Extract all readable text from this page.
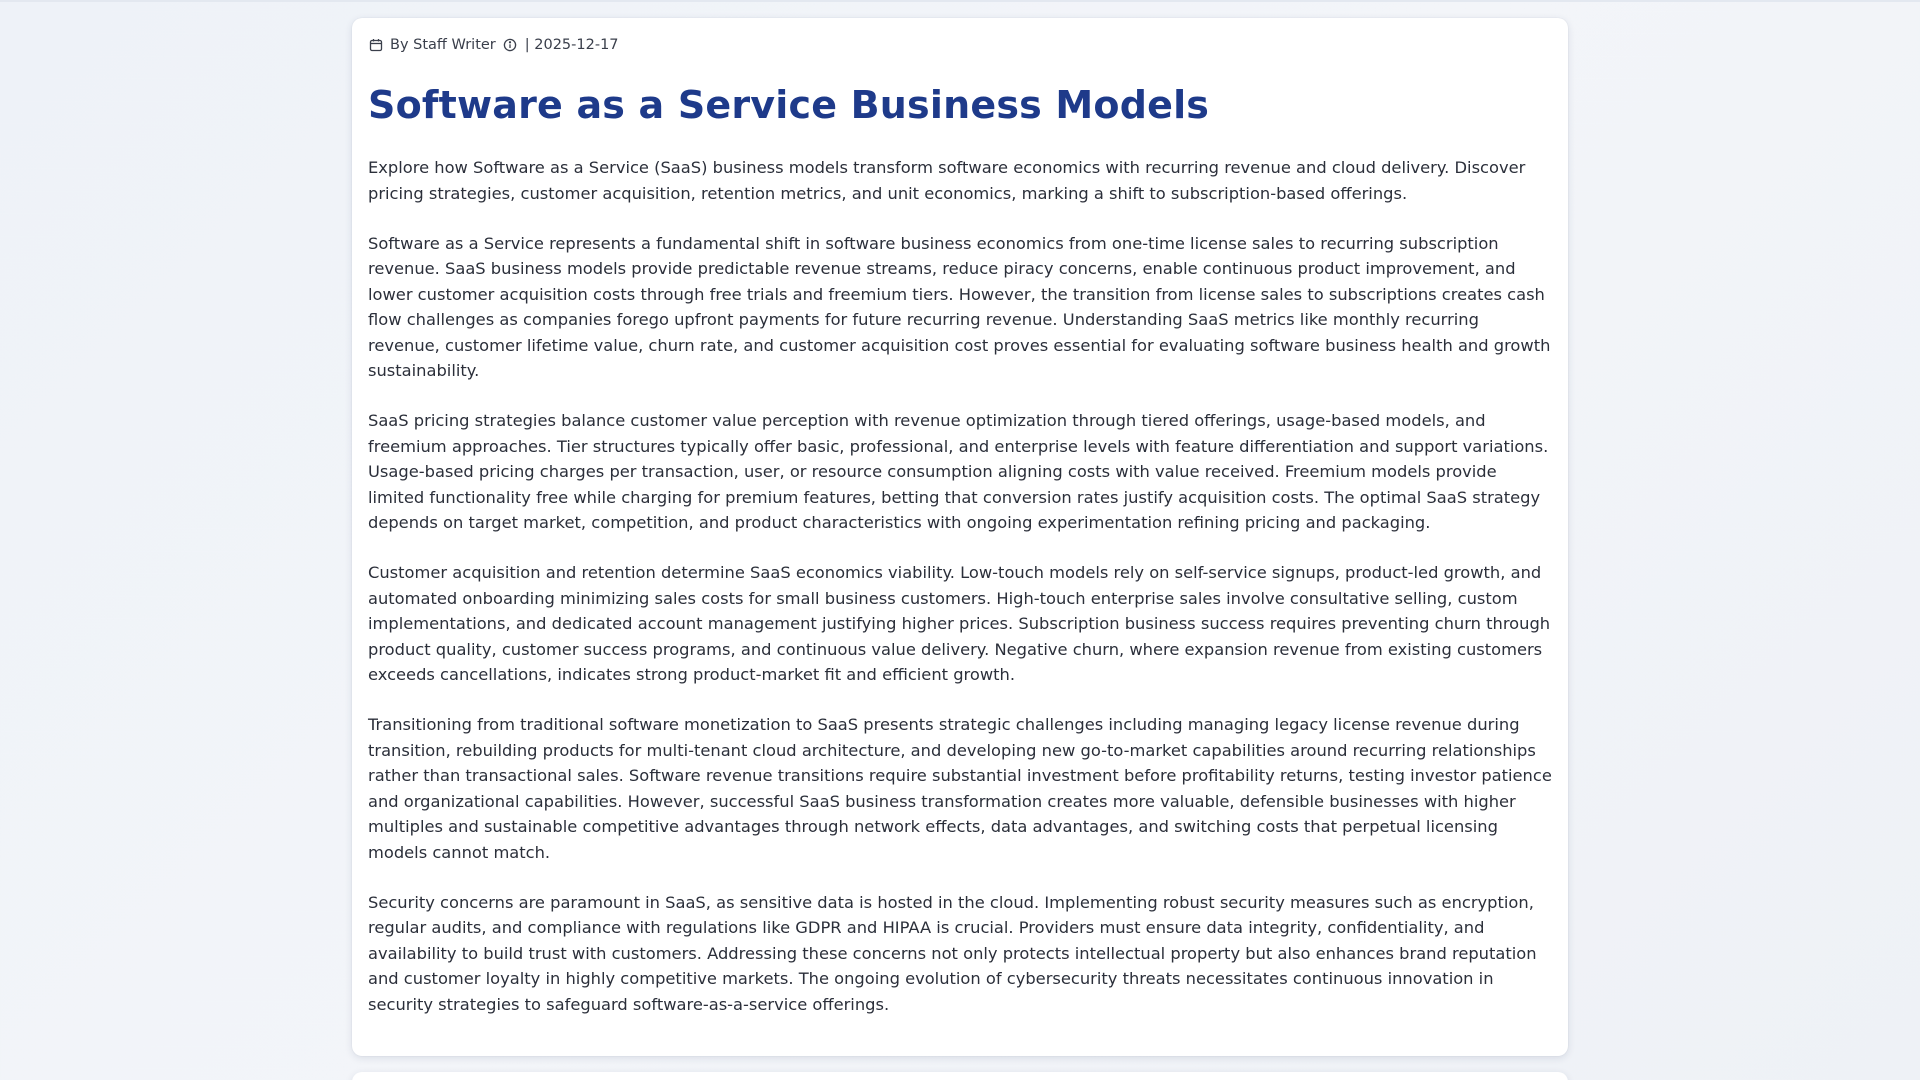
By Staff Writer | 2025-12-17
Software as a Service Business Models

Explore how Software as a Service (SaaS) business models transform software economics with recurring revenue and cloud delivery. Discover pricing strategies, customer acquisition, retention metrics, and unit economics, marking a shift to subscription-based offerings.

Software as a Service represents a fundamental shift in software business economics from one-time license sales to recurring subscription revenue. SaaS business models provide predictable revenue streams, reduce piracy concerns, enable continuous product improvement, and lower customer acquisition costs through free trials and freemium tiers. However, the transition from license sales to subscriptions creates cash flow challenges as companies forego upfront payments for future recurring revenue. Understanding SaaS metrics like monthly recurring revenue, customer lifetime value, churn rate, and customer acquisition cost proves essential for evaluating software business health and growth sustainability.

SaaS pricing strategies balance customer value perception with revenue optimization through tiered offerings, usage-based models, and freemium approaches. Tier structures typically offer basic, professional, and enterprise levels with feature differentiation and support variations. Usage-based pricing charges per transaction, user, or resource consumption aligning costs with value received. Freemium models provide limited functionality free while charging for premium features, betting that conversion rates justify acquisition costs. The optimal SaaS strategy depends on target market, competition, and product characteristics with ongoing experimentation refining pricing and packaging.

Customer acquisition and retention determine SaaS economics viability. Low-touch models rely on self-service signups, product-led growth, and automated onboarding minimizing sales costs for small business customers. High-touch enterprise sales involve consultative selling, custom implementations, and dedicated account management justifying higher prices. Subscription business success requires preventing churn through product quality, customer success programs, and continuous value delivery. Negative churn, where expansion revenue from existing customers exceeds cancellations, indicates strong product-market fit and efficient growth.

Transitioning from traditional software monetization to SaaS presents strategic challenges including managing legacy license revenue during transition, rebuilding products for multi-tenant cloud architecture, and developing new go-to-market capabilities around recurring relationships rather than transactional sales. Software revenue transitions require substantial investment before profitability returns, testing investor patience and organizational capabilities. However, successful SaaS business transformation creates more valuable, defensible businesses with higher multiples and sustainable competitive advantages through network effects, data advantages, and switching costs that perpetual licensing models cannot match.

Security concerns are paramount in SaaS, as sensitive data is hosted in the cloud. Implementing robust security measures such as encryption, regular audits, and compliance with regulations like GDPR and HIPAA is crucial. Providers must ensure data integrity, confidentiality, and availability to build trust with customers. Addressing these concerns not only protects intellectual property but also enhances brand reputation and customer loyalty in highly competitive markets. The ongoing evolution of cybersecurity threats necessitates continuous innovation in security strategies to safeguard software-as-a-service offerings.
